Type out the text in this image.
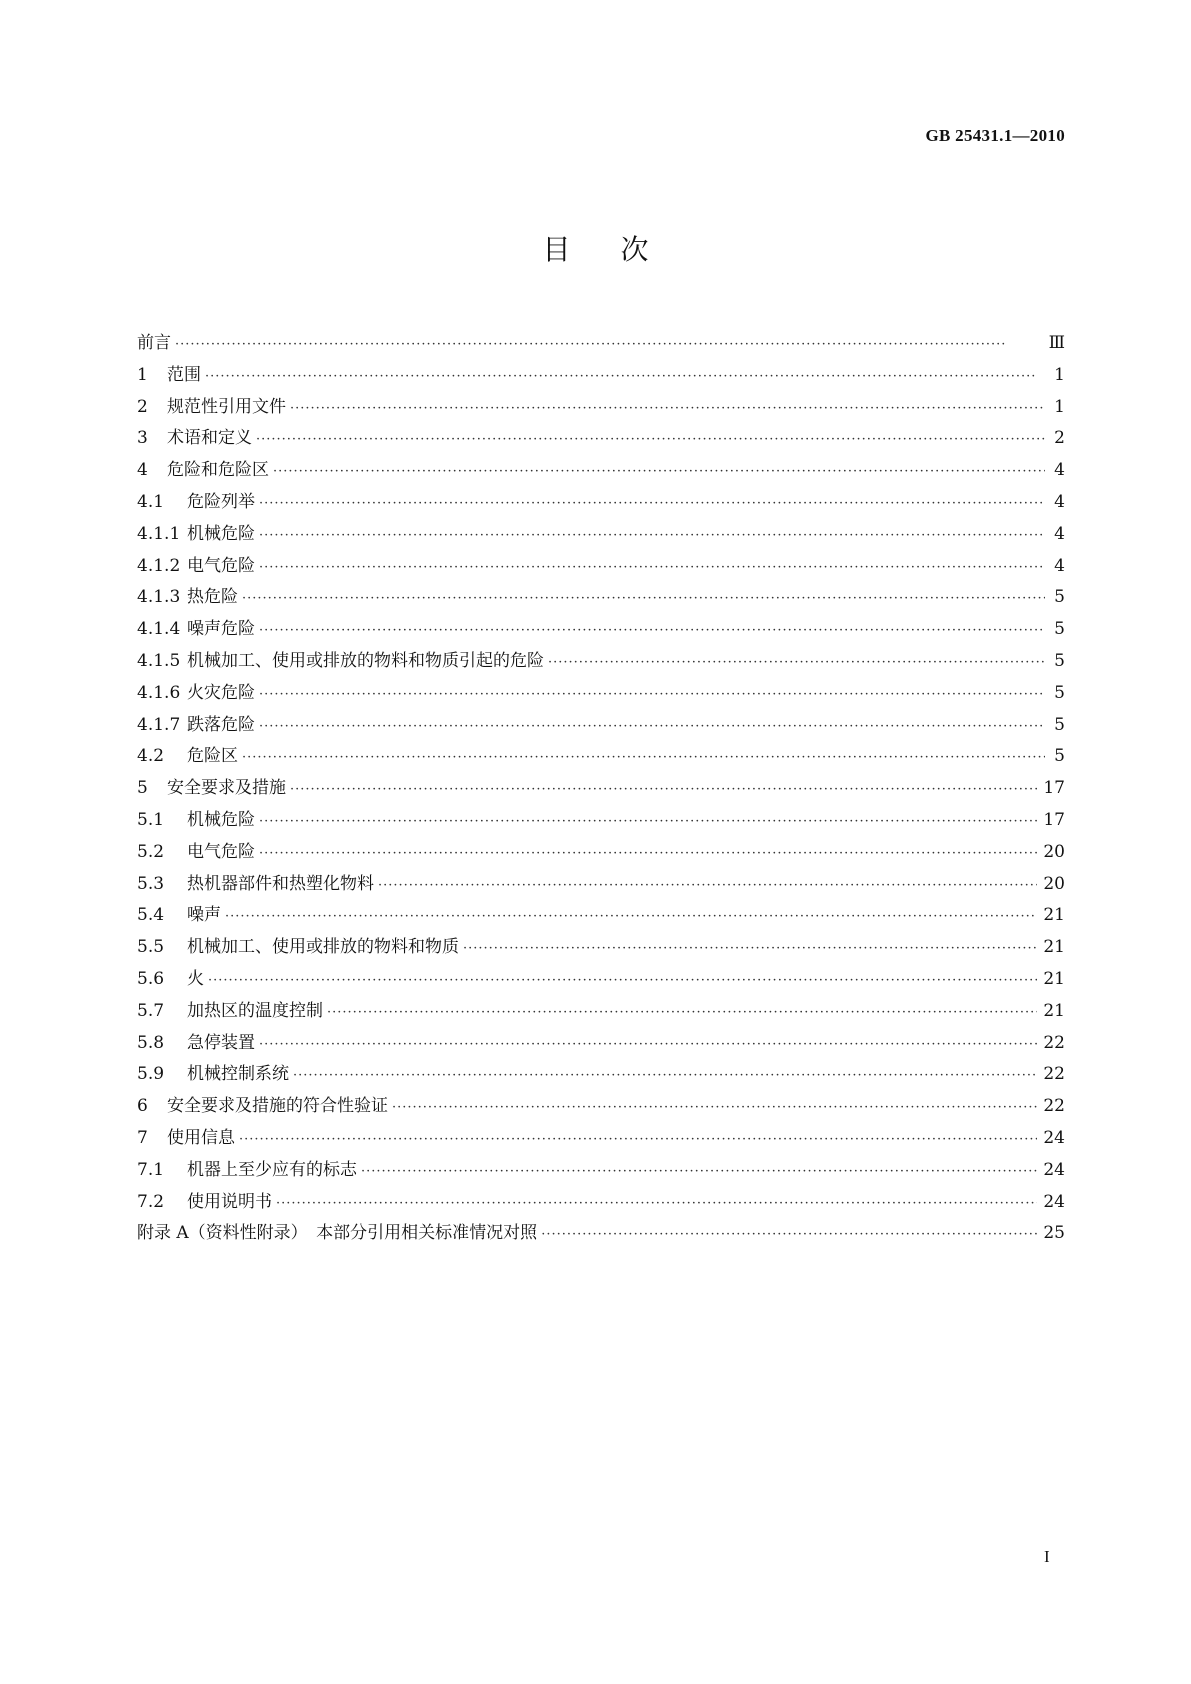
GB 25431.1—2010
目次
前言 ·····	Ⅲ
1 范围 ·····	1
2 规范性引用文件 ·····	1
3 术语和定义 ·····	2
4 危险和危险区 ·····	4
4.1 危险列举 ·····	4
4.1.1 机械危险 ·····	4
4.1.2 电气危险 ·····	4
4.1.3 热危险 ·····	5
4.1.4 噪声危险 ·····	5
4.1.5 机械加工、使用或排放的物料和物质引起的危险 ·····	5
4.1.6 火灾危险 ·····	5
4.1.7 跌落危险 ·····	5
4.2 危险区 ·····	5
5 安全要求及措施 ·····	17
5.1 机械危险 ·····	17
5.2 电气危险 ·····	20
5.3 热机器部件和热塑化物料 ·····	20
5.4 噪声 ·····	21
5.5 机械加工、使用或排放的物料和物质 ·····	21
5.6 火 ·····	21
5.7 加热区的温度控制 ·····	21
5.8 急停装置 ·····	22
5.9 机械控制系统 ·····	22
6 安全要求及措施的符合性验证 ·····	22
7 使用信息 ·····	24
7.1 机器上至少应有的标志 ·····	24
7.2 使用说明书 ·····	24
附录 A（资料性附录）　本部分引用相关标准情况对照 ·····	25
I
